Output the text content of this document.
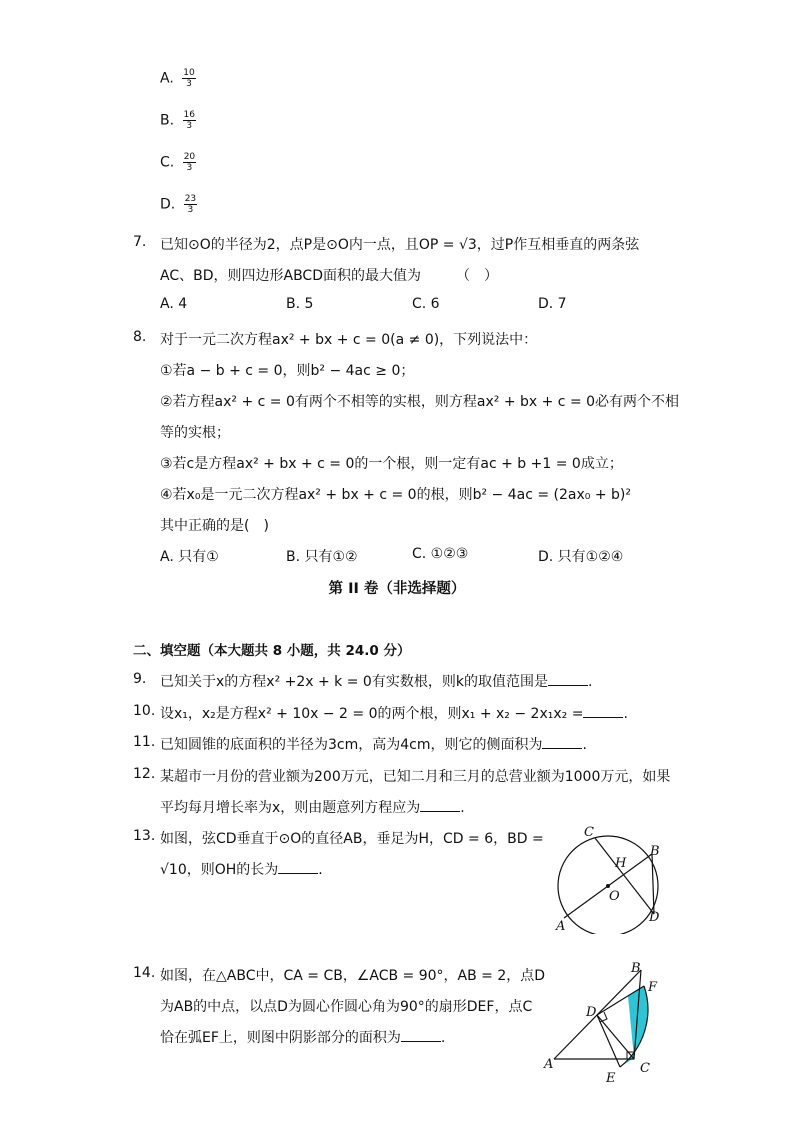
A. $\frac{10}{3}$
B. $\frac{16}{3}$
C. $\frac{20}{3}$
D. $\frac{23}{3}$
7. 已知⊙O的半径为2，点P是⊙O内一点，且OP = √3，过P作互相垂直的两条弦
AC、BD，则四边形ABCD面积的最大值为　　　（　）
A. 4	B. 5	C. 6	D. 7
8. 对于一元二次方程ax² + bx + c = 0(a ≠ 0)，下列说法中：
①若a − b + c = 0，则b² − 4ac ≥ 0；
②若方程ax² + c = 0有两个不相等的实根，则方程ax² + bx + c = 0必有两个不相
等的实根；
③若c是方程ax² + bx + c = 0的一个根，则一定有ac + b +1 = 0成立；
④若x₀是一元二次方程ax² + bx + c = 0的根，则b² − 4ac = (2ax₀ + b)²
其中正确的是(　)
A. 只有①	B. 只有①②	C. ①②③	D. 只有①②④
第 II 卷（非选择题）
二、填空题（本大题共 8 小题，共 24.0 分）
9. 已知关于x的方程x² +2x + k = 0有实数根，则k的取值范围是	.
10. 设x₁，x₂是方程x² + 10x − 2 = 0的两个根，则x₁ + x₂ − 2x₁x₂ =	.
11. 已知圆锥的底面积的半径为3cm，高为4cm，则它的侧面积为	.
12. 某超市一月份的营业额为200万元，已知二月和三月的总营业额为1000万元，如果
平均每月增长率为x，则由题意列方程应为	.
13. 如图，弦CD垂直于⊙O的直径AB，垂足为H，CD = 6，BD =
√10，则OH的长为	.
C
H
B
O
A
D
14. 如图，在△ABC中，CA = CB，∠ACB = 90°，AB = 2，点D
为AB的中点，以点D为圆心作圆心角为90°的扇形DEF，点C
恰在弧EF上，则图中阴影部分的面积为	.
B
F
D
A
E
C
